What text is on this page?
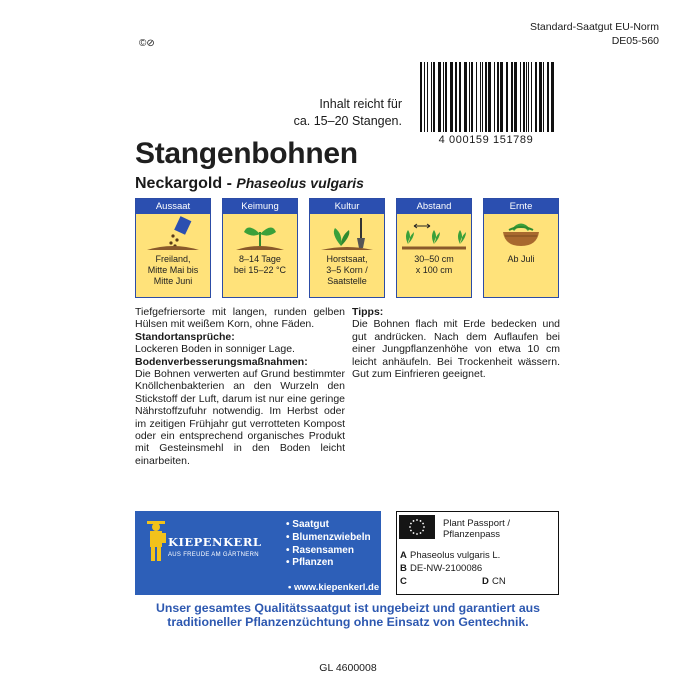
Standard-Saatgut EU-Norm
DE05-560
©⊘
Inhalt reicht für
ca. 15–20 Stangen.
4 000159 151789
Stangenbohnen
Neckargold - Phaseolus vulgaris
Aussaat
Freiland,
Mitte Mai bis
Mitte Juni
Keimung
8–14 Tage
bei 15–22 °C
Kultur
Horstsaat,
3–5 Korn /
Saatstelle
Abstand
30–50 cm
x 100 cm
Ernte
Ab Juli
Tiefgefriersorte mit langen, runden gelben Hülsen mit weißem Korn, ohne Fäden.
Standortansprüche:
Lockeren Boden in sonniger Lage.
Bodenverbesserungsmaßnahmen:
Die Bohnen verwerten auf Grund bestimmter Knöllchenbakterien an den Wurzeln den Stickstoff der Luft, darum ist nur eine geringe Nährstoffzufuhr notwendig. Im Herbst oder im zeitigen Frühjahr gut verrotteten Kompost oder ein entsprechend organisches Produkt mit Gesteinsmehl in den Boden leicht einarbeiten.
Tipps:
Die Bohnen flach mit Erde bedecken und gut andrücken. Nach dem Auflaufen bei einer Jungpflanzenhöhe von etwa 10 cm leicht anhäufeln. Bei Trockenheit wässern. Gut zum Einfrieren geeignet.
KIEPENKERL
AUS FREUDE AM GÄRTNERN
• Saatgut
• Blumenzwiebeln
• Rasensamen
• Pflanzen
• www.kiepenkerl.de
Plant Passport /
Pflanzenpass
A Phaseolus vulgaris L.
B DE-NW-2100086
C	D CN
Unser gesamtes Qualitätssaatgut ist ungebeizt und garantiert aus
traditioneller Pflanzenzüchtung ohne Einsatz von Gentechnik.
GL 4600008
